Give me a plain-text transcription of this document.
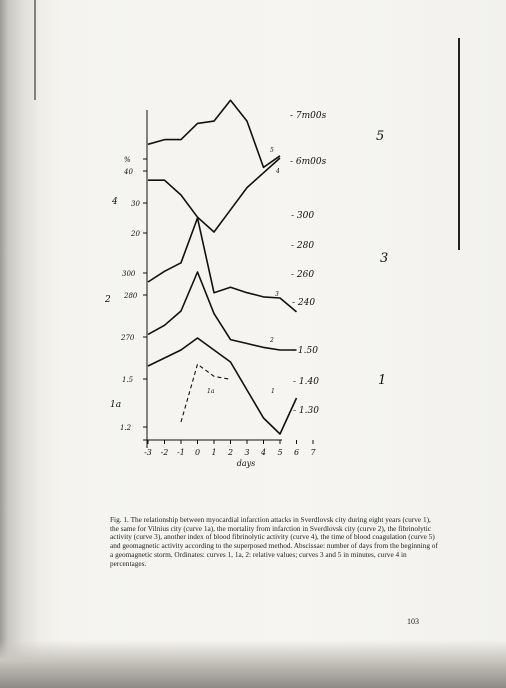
-3 -2 -1 0 1 2 3 4 5 6 7
days
%
40
30
20
300
280
270
1.5
1.2
4
2
1a
- 7m00s
- 6m00s
- 300
- 280
- 260
- 240
- 1.50
- 1.40
- 1.30
5
3
1
5
4
3
2
1
1a
Fig. 1. The relationship between myocardial infarction attacks in Sverdlovsk city during eight years (curve 1), the same for Vilnius city (curve 1a), the mortality from infarction in Sverdlovsk city (curve 2), the fibrinolytic activity (curve 3), another index of blood fibrinolytic activity (curve 4), the time of blood coagulation (curve 5) and geomagnetic activity according to the superposed method. Abscissae: number of days from the beginning of a geomagnetic storm. Ordinates: curves 1, 1a, 2: relative values; curves 3 and 5 in minutes, curve 4 in percentages.
103
